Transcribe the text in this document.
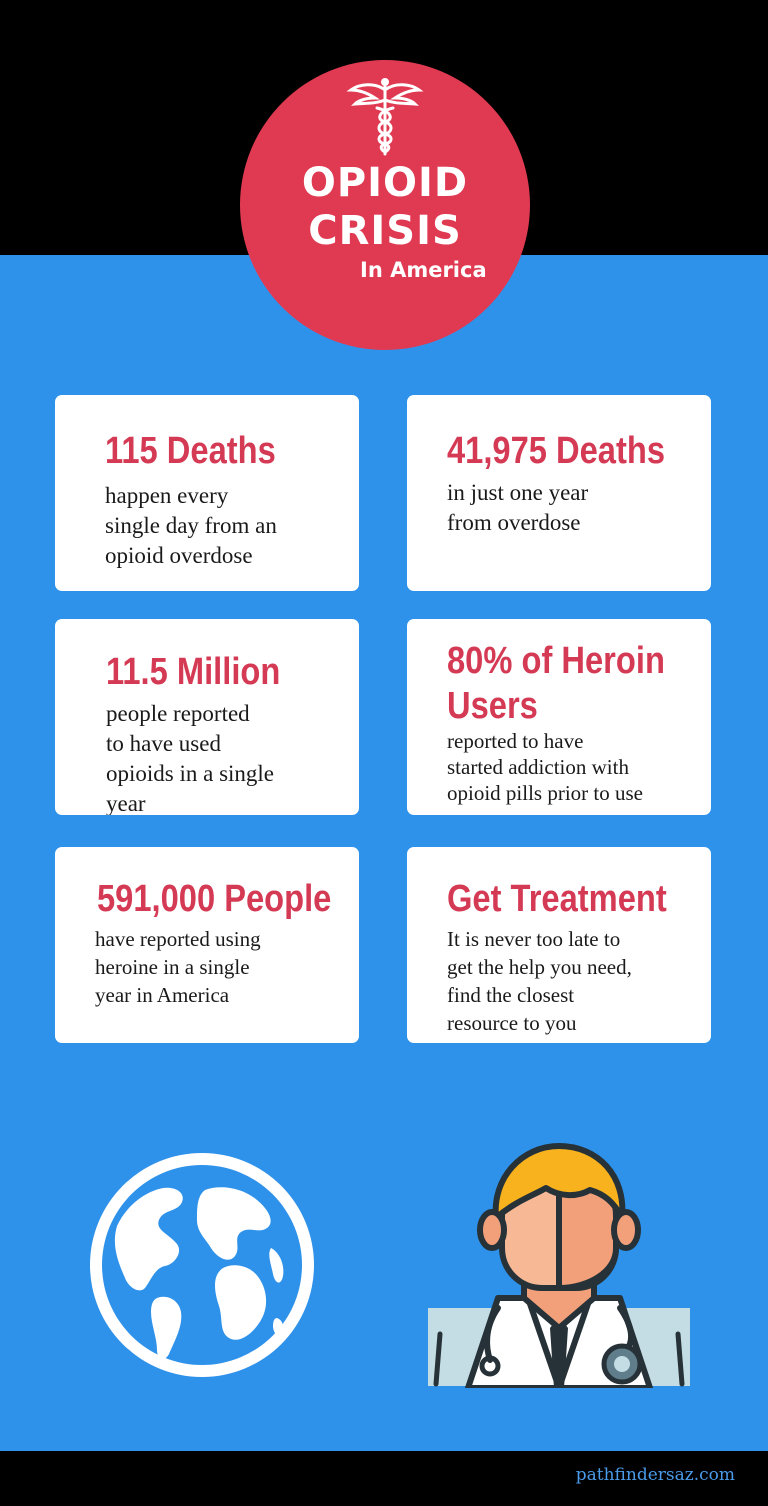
OPIOID
CRISIS
In America
115 Deaths
happen every
single day from an
opioid overdose
41,975 Deaths
in just one year
from overdose
11.5 Million
people reported
to have used
opioids in a single
year
80% of Heroin
Users
reported to have
started addiction with
opioid pills prior to use
591,000 People
have reported using
heroine in a single
year in America
Get Treatment
It is never too late to
get the help you need,
find the closest
resource to you
pathfindersaz.com
